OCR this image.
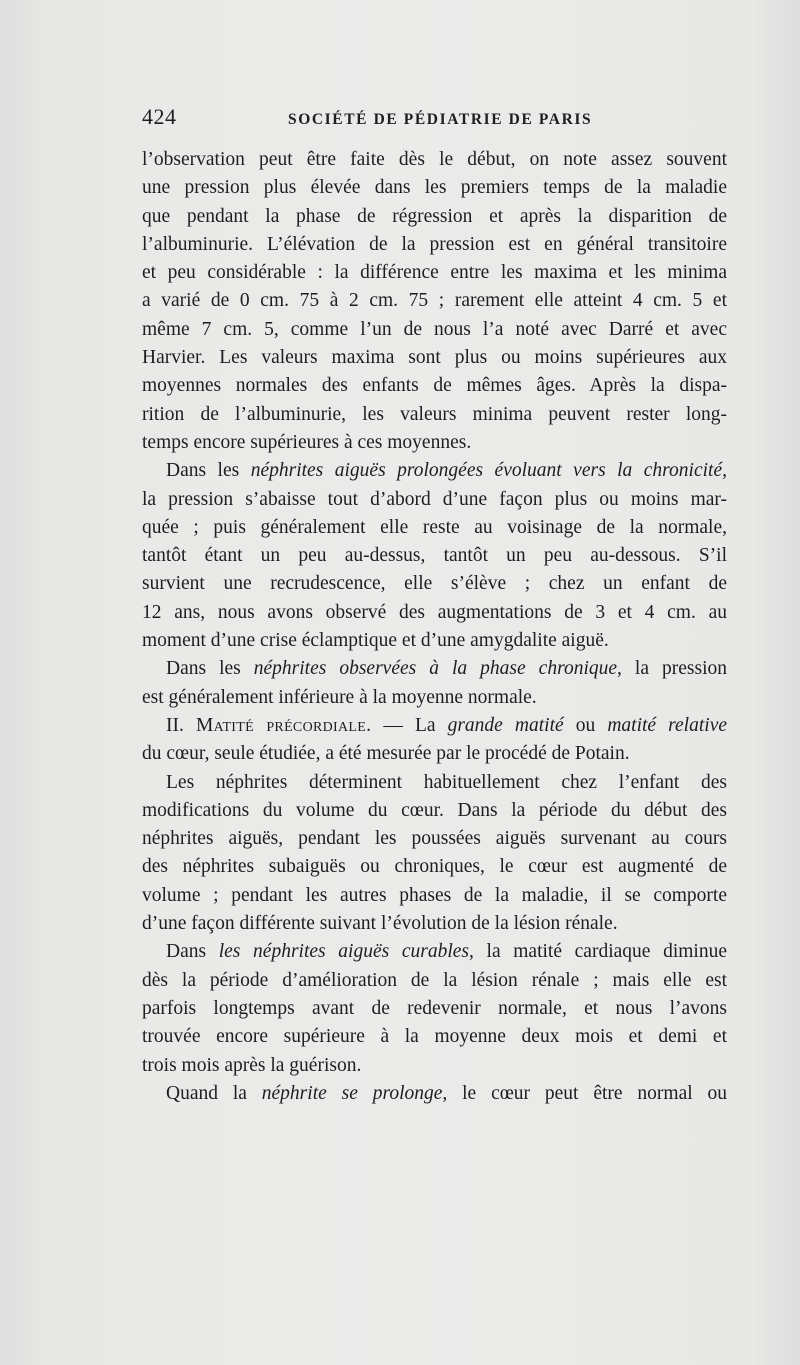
424	SOCIÉTÉ DE PÉDIATRIE DE PARIS
l’observation peut être faite dès le début, on note assez souvent
une pression plus élevée dans les premiers temps de la maladie
que pendant la phase de régression et après la disparition de
l’albuminurie. L’élévation de la pression est en général transitoire
et peu considérable : la différence entre les maxima et les minima
a varié de 0 cm. 75 à 2 cm. 75 ; rarement elle atteint 4 cm. 5 et
même 7 cm. 5, comme l’un de nous l’a noté avec Darré et avec
Harvier. Les valeurs maxima sont plus ou moins supérieures aux
moyennes normales des enfants de mêmes âges. Après la dispa-
rition de l’albuminurie, les valeurs minima peuvent rester long-
temps encore supérieures à ces moyennes.
Dans les néphrites aiguës prolongées évoluant vers la chronicité,
la pression s’abaisse tout d’abord d’une façon plus ou moins mar-
quée ; puis généralement elle reste au voisinage de la normale,
tantôt étant un peu au-dessus, tantôt un peu au-dessous. S’il
survient une recrudescence, elle s’élève ; chez un enfant de
12 ans, nous avons observé des augmentations de 3 et 4 cm. au
moment d’une crise éclamptique et d’une amygdalite aiguë.
Dans les néphrites observées à la phase chronique, la pression
est généralement inférieure à la moyenne normale.
II. Matité précordiale. — La grande matité ou matité relative
du cœur, seule étudiée, a été mesurée par le procédé de Potain.
Les néphrites déterminent habituellement chez l’enfant des
modifications du volume du cœur. Dans la période du début des
néphrites aiguës, pendant les poussées aiguës survenant au cours
des néphrites subaiguës ou chroniques, le cœur est augmenté de
volume ; pendant les autres phases de la maladie, il se comporte
d’une façon différente suivant l’évolution de la lésion rénale.
Dans les néphrites aiguës curables, la matité cardiaque diminue
dès la période d’amélioration de la lésion rénale ; mais elle est
parfois longtemps avant de redevenir normale, et nous l’avons
trouvée encore supérieure à la moyenne deux mois et demi et
trois mois après la guérison.
Quand la néphrite se prolonge, le cœur peut être normal ou
